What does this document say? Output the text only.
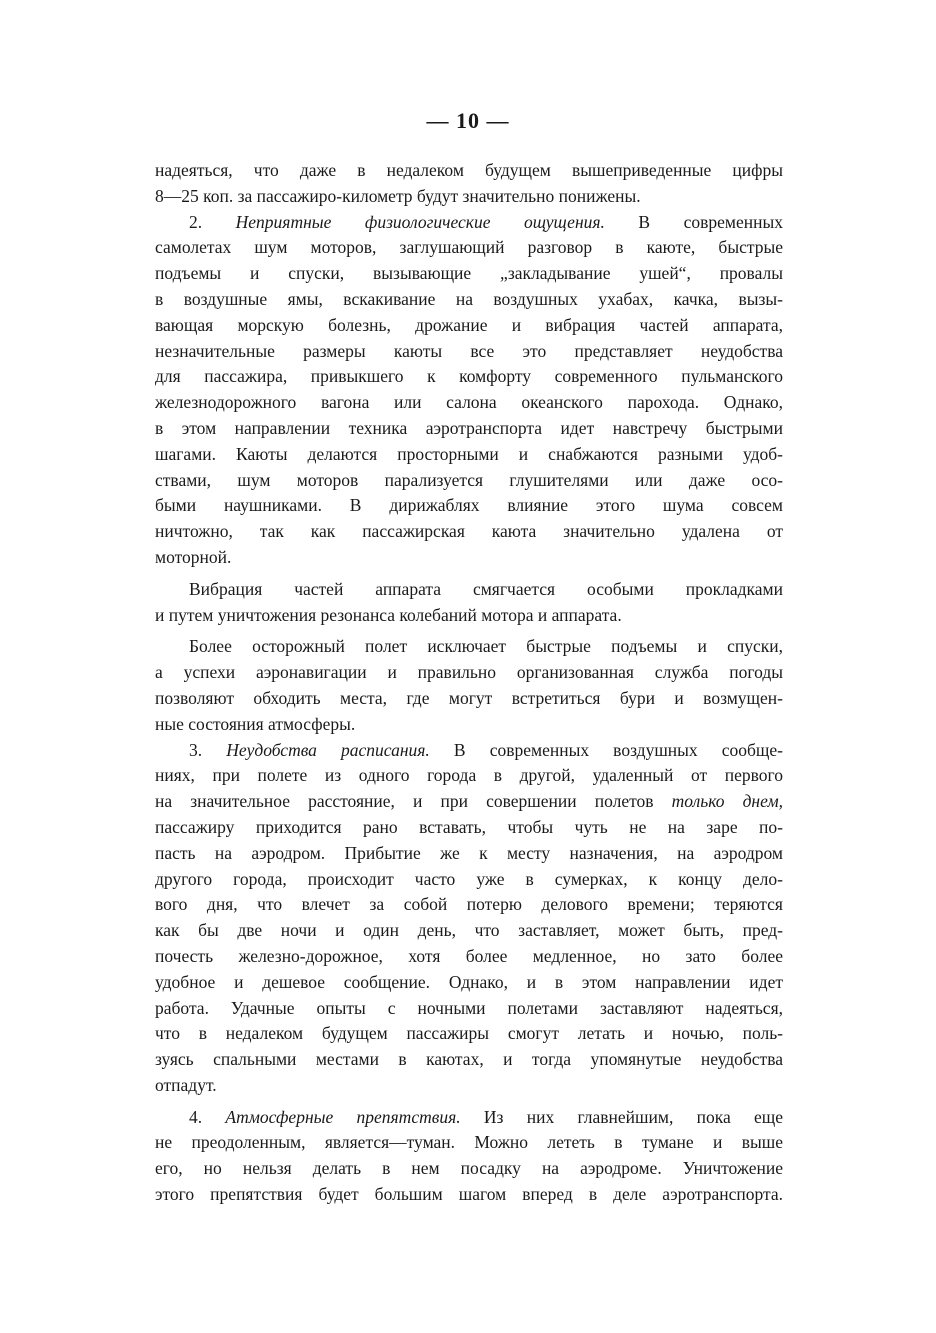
— 10 —
надеяться, что даже в недалеком будущем вышеприведенные цифры
8—25 коп. за пассажиро-километр будут значительно понижены.
2. Неприятные физиологические ощущения. В современных
самолетах шум моторов, заглушающий разговор в каюте, быстрые
подъемы и спуски, вызывающие „закладывание ушей“, провалы
в воздушные ямы, вскакивание на воздушных ухабах, качка, вызы-
вающая морскую болезнь, дрожание и вибрация частей аппарата,
незначительные размеры каюты все это представляет неудобства
для пассажира, привыкшего к комфорту современного пульманского
железнодорожного вагона или салона океанского парохода. Однако,
в этом направлении техника аэротранспорта идет навстречу быстрыми
шагами. Каюты делаются просторными и снабжаются разными удоб-
ствами, шум моторов парализуется глушителями или даже осо-
быми наушниками. В дирижаблях влияние этого шума совсем
ничтожно, так как пассажирская каюта значительно удалена от
моторной.
Вибрация частей аппарата смягчается особыми прокладками
и путем уничтожения резонанса колебаний мотора и аппарата.
Более осторожный полет исключает быстрые подъемы и спуски,
а успехи аэронавигации и правильно организованная служба погоды
позволяют обходить места, где могут встретиться бури и возмущен-
ные состояния атмосферы.
3. Неудобства расписания. В современных воздушных сообще-
ниях, при полете из одного города в другой, удаленный от первого
на значительное расстояние, и при совершении полетов только днем,
пассажиру приходится рано вставать, чтобы чуть не на заре по-
пасть на аэродром. Прибытие же к месту назначения, на аэродром
другого города, происходит часто уже в сумерках, к концу дело-
вого дня, что влечет за собой потерю делового времени; теряются
как бы две ночи и один день, что заставляет, может быть, пред-
почесть железно-дорожное, хотя более медленное, но зато более
удобное и дешевое сообщение. Однако, и в этом направлении идет
работа. Удачные опыты с ночными полетами заставляют надеяться,
что в недалеком будущем пассажиры смогут летать и ночью, поль-
зуясь спальными местами в каютах, и тогда упомянутые неудобства
отпадут.
4. Атмосферные препятствия. Из них главнейшим, пока еще
не преодоленным, является—туман. Можно лететь в тумане и выше
его, но нельзя делать в нем посадку на аэродроме. Уничтожение
этого препятствия будет большим шагом вперед в деле аэротранспорта.
